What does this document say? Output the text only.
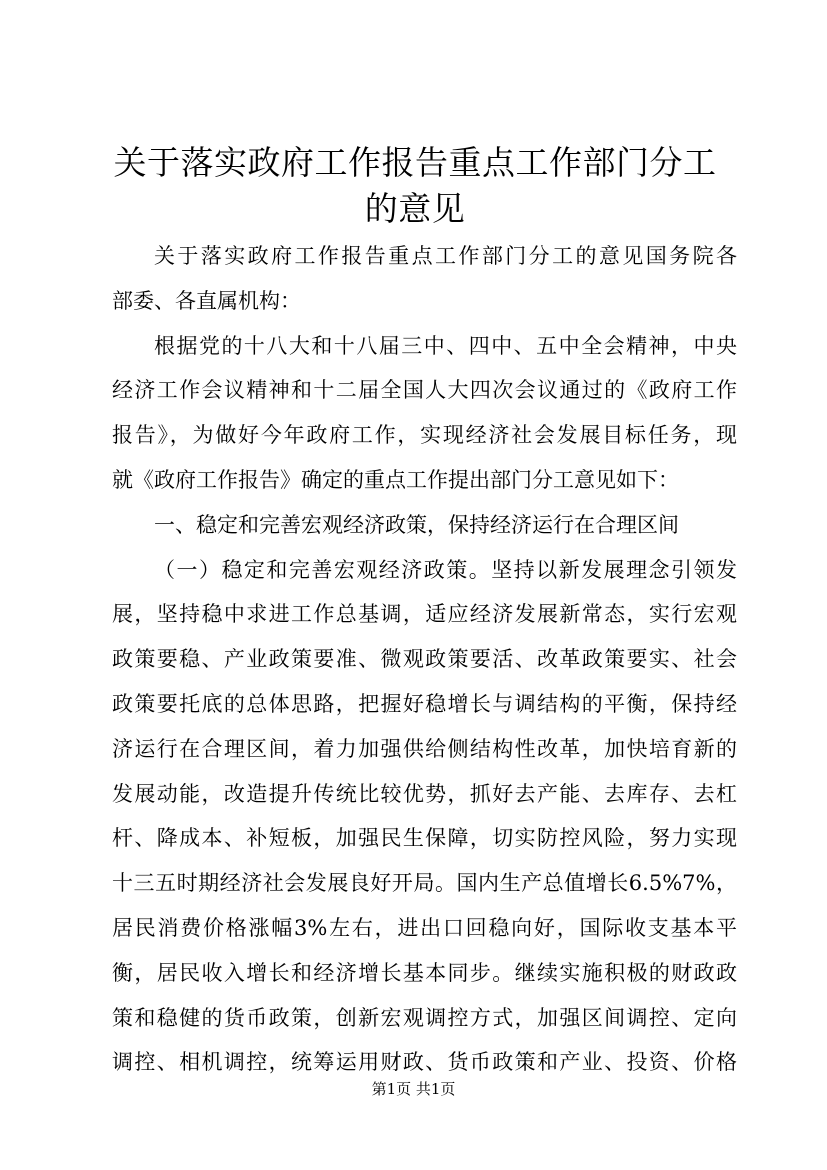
关于落实政府工作报告重点工作部门分工的意见
关于落实政府工作报告重点工作部门分工的意见国务院各
部委、各直属机构：
根据党的十八大和十八届三中、四中、五中全会精神，中央
经济工作会议精神和十二届全国人大四次会议通过的《政府工作
报告》，为做好今年政府工作，实现经济社会发展目标任务，现
就《政府工作报告》确定的重点工作提出部门分工意见如下：
一、稳定和完善宏观经济政策，保持经济运行在合理区间
（一）稳定和完善宏观经济政策。坚持以新发展理念引领发
展，坚持稳中求进工作总基调，适应经济发展新常态，实行宏观
政策要稳、产业政策要准、微观政策要活、改革政策要实、社会
政策要托底的总体思路，把握好稳增长与调结构的平衡，保持经
济运行在合理区间，着力加强供给侧结构性改革，加快培育新的
发展动能，改造提升传统比较优势，抓好去产能、去库存、去杠
杆、降成本、补短板，加强民生保障，切实防控风险，努力实现
十三五时期经济社会发展良好开局。国内生产总值增长6.5%7%，
居民消费价格涨幅3%左右，进出口回稳向好，国际收支基本平
衡，居民收入增长和经济增长基本同步。继续实施积极的财政政
策和稳健的货币政策，创新宏观调控方式，加强区间调控、定向
调控、相机调控，统筹运用财政、货币政策和产业、投资、价格
第1页 共1页
